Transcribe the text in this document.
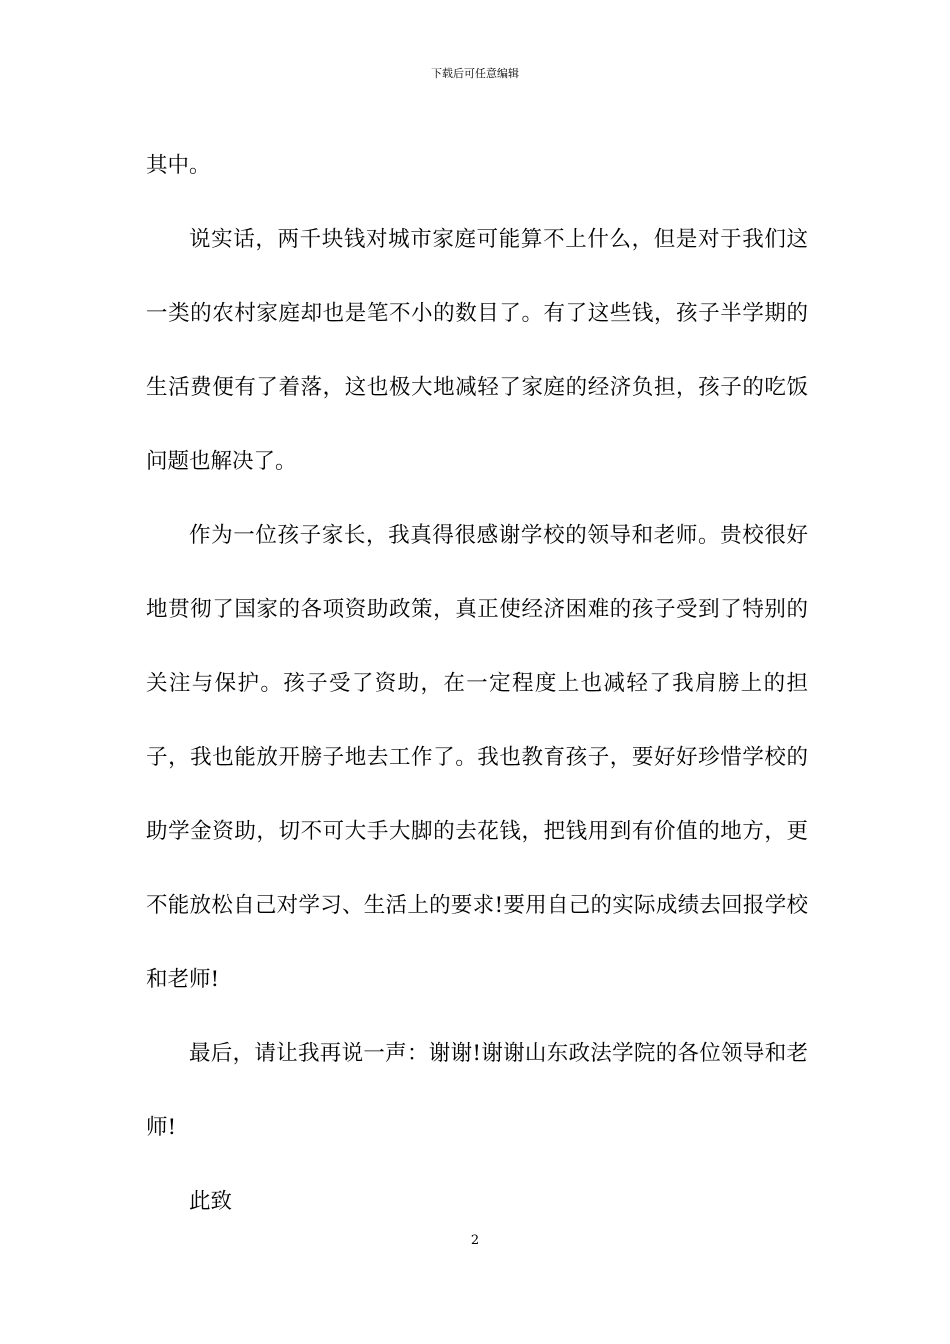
下载后可任意编辑

其中。

说实话，两千块钱对城市家庭可能算不上什么，但是对于我们这一类的农村家庭却也是笔不小的数目了。有了这些钱，孩子半学期的生活费便有了着落，这也极大地减轻了家庭的经济负担，孩子的吃饭问题也解决了。

作为一位孩子家长，我真得很感谢学校的领导和老师。贵校很好地贯彻了国家的各项资助政策，真正使经济困难的孩子受到了特别的关注与保护。孩子受了资助，在一定程度上也减轻了我肩膀上的担子，我也能放开膀子地去工作了。我也教育孩子，要好好珍惜学校的助学金资助，切不可大手大脚的去花钱，把钱用到有价值的地方，更不能放松自己对学习、生活上的要求!要用自己的实际成绩去回报学校和老师!

最后，请让我再说一声：谢谢!谢谢山东政法学院的各位领导和老师!

此致

2
